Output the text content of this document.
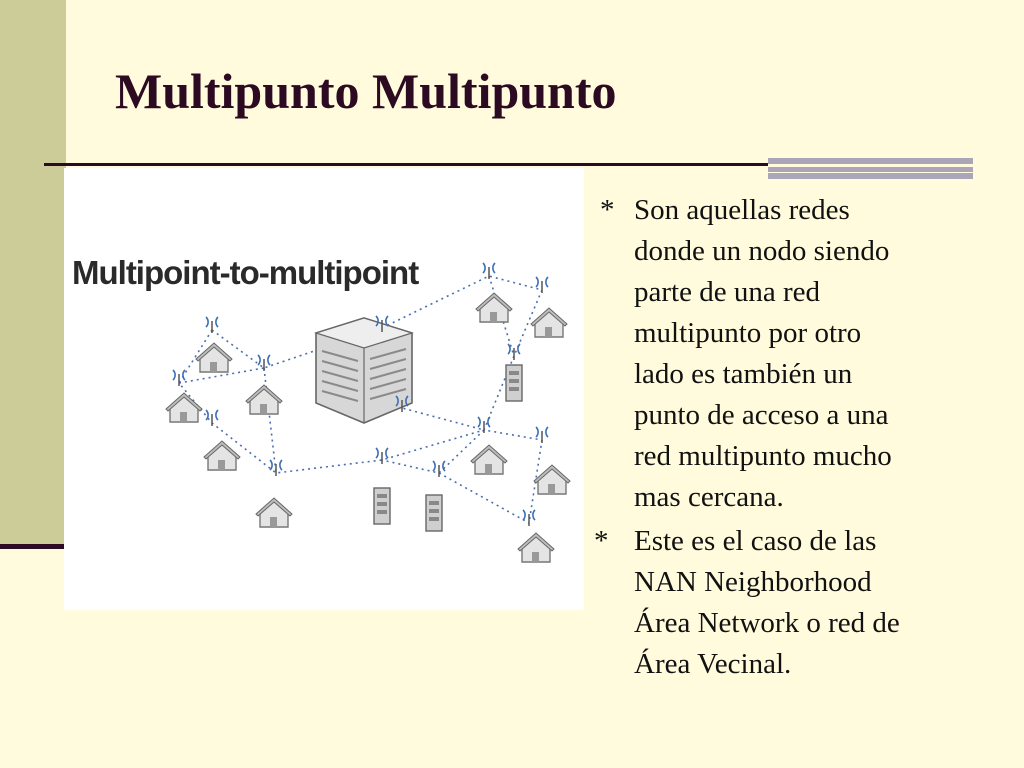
Multipunto Multipunto
Multipoint-to-multipoint
* Son aquellas redes
donde un nodo siendo
parte de una red
multipunto por otro
lado es también un
punto de acceso a una
red multipunto mucho
mas cercana.
* Este es el caso de las
NAN Neighborhood
Área Network o red de
Área Vecinal.
